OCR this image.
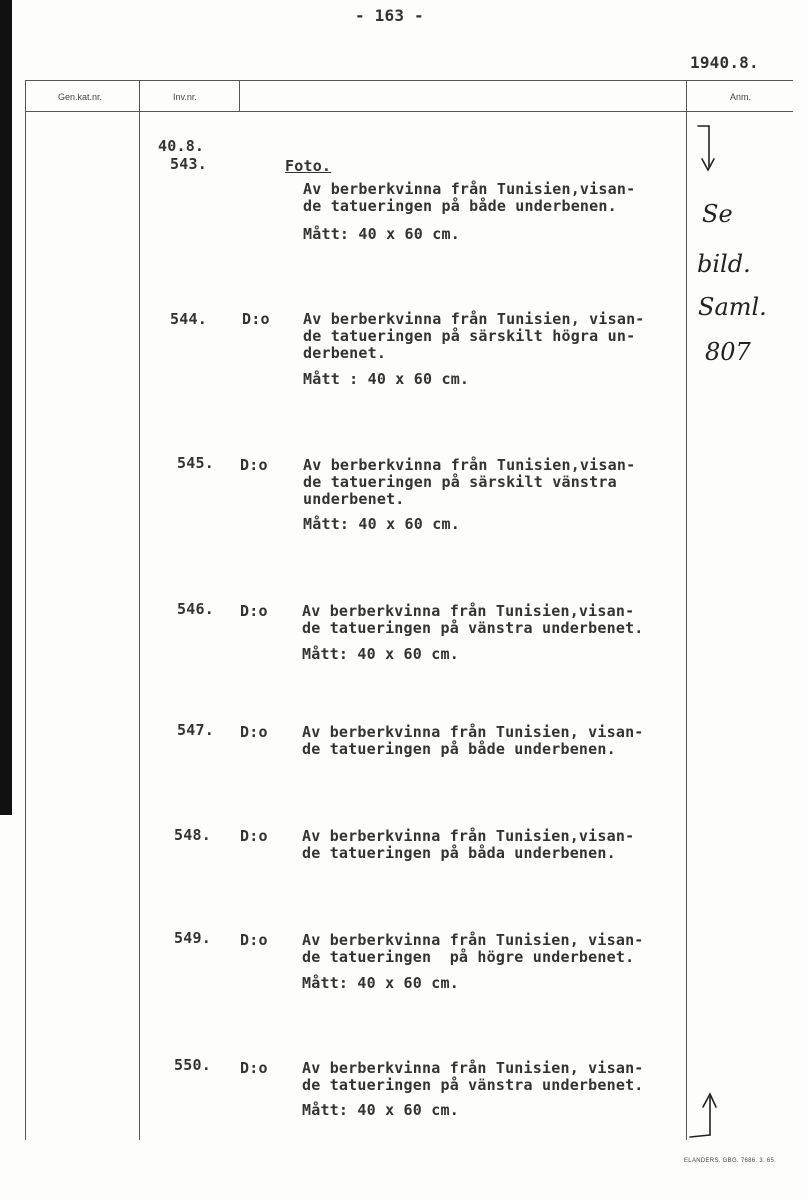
- 163 -
1940.8.
Gen.kat.nr.	Inv.nr.	Anm.
40.8.
543.	Foto.
Av berberkvinna från Tunisien,visan-
de tatueringen på både underbenen.
Mått: 40 x 60 cm.
544. D:o Av berberkvinna från Tunisien, visan-
de tatueringen på särskilt högra un-
derbenet.
Mått : 40 x 60 cm.
545. D:o Av berberkvinna från Tunisien,visan-
de tatueringen på särskilt vänstra
underbenet.
Mått: 40 x 60 cm.
546. D:o Av berberkvinna från Tunisien,visan-
de tatueringen på vänstra underbenet.
Mått: 40 x 60 cm.
547. D:o Av berberkvinna från Tunisien, visan-
de tatueringen på både underbenen.
548. D:o Av berberkvinna från Tunisien,visan-
de tatueringen på båda underbenen.
549. D:o Av berberkvinna från Tunisien, visan-
de tatueringen  på högre underbenet.
Mått: 40 x 60 cm.
550. D:o Av berberkvinna från Tunisien, visan-
de tatueringen på vänstra underbenet.
Mått: 40 x 60 cm.
Se
bild.
Saml.
807
ELANDERS. GBG. 7686. 3. 65.
